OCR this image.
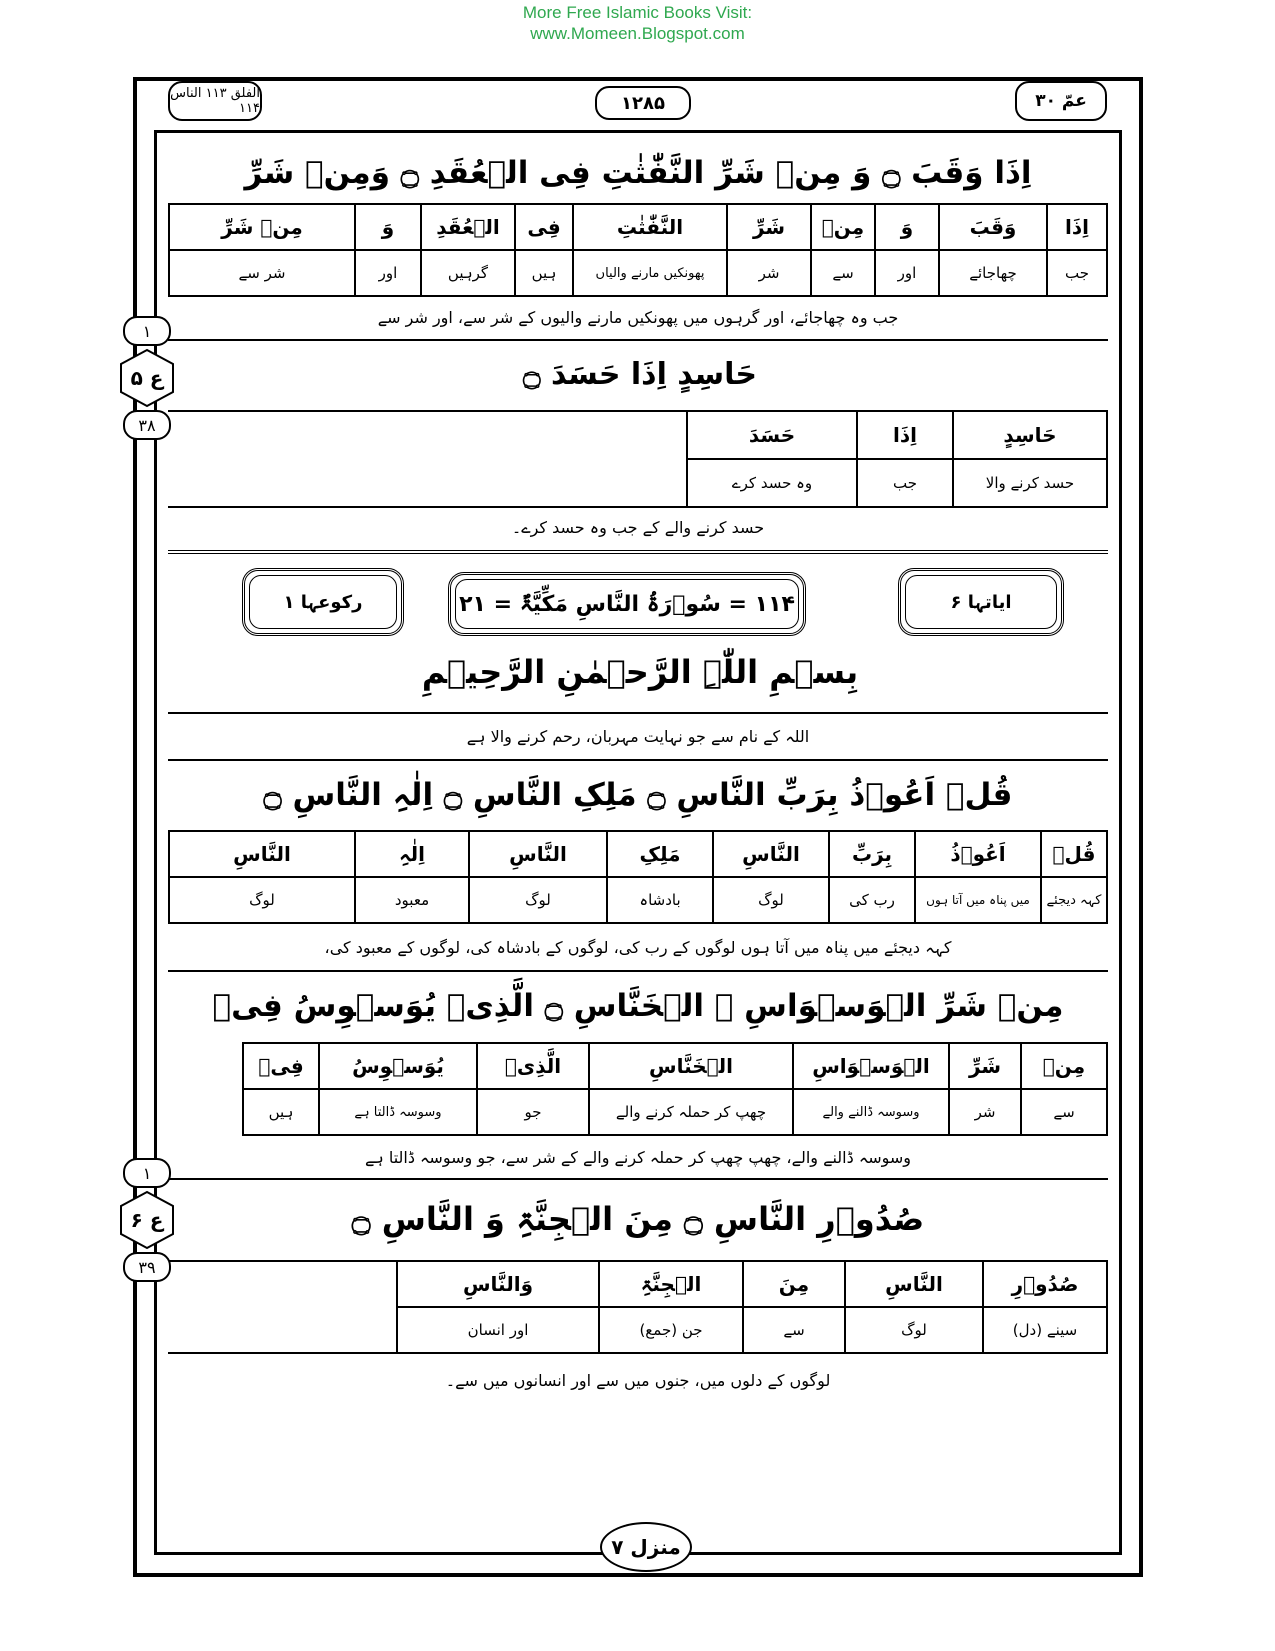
More Free Islamic Books Visit:
www.Momeen.Blogspot.com
الفلق ۱۱۳ الناس ۱۱۴	۱۲۸۵	عمّ ۳۰
اِذَا وَقَبَ ۝ وَ مِنۡ شَرِّ النَّفّٰثٰتِ فِی الۡعُقَدِ ۝ وَمِنۡ شَرِّ
اِذَا	وَقَبَ	وَ	مِنۡ	شَرِّ	النَّفّٰثٰتِ	فِی	الۡعُقَدِ	وَ	مِنۡ شَرِّ
جب	چھاجائے	اور	سے	شر	پھونکیں مارنے والیاں	ہیں	گرہیں	اور	شر سے
جب وہ چھاجائے، اور گرہوں میں پھونکیں مارنے والیوں کے شر سے، اور شر سے
حَاسِدٍ اِذَا حَسَدَ ۝
حَاسِدٍ	اِذَا	حَسَدَ	
حسد کرنے والا	جب	وہ حسد کرے	
حسد کرنے والے کے جب وہ حسد کرے۔
۱
ع ۵
۳۸
ایاتہا ۶
۱۱۴ = سُوۡرَۃُ النَّاسِ مَکِّیَّۃٌ = ۲۱
رکوعہا ۱
بِسۡمِ اللّٰہِ الرَّحۡمٰنِ الرَّحِیۡمِ
اللہ کے نام سے جو نہایت مہربان، رحم کرنے والا ہے
قُلۡ اَعُوۡذُ بِرَبِّ النَّاسِ ۝ مَلِکِ النَّاسِ ۝ اِلٰہِ النَّاسِ ۝
قُلۡ	اَعُوۡذُ	بِرَبِّ	النَّاسِ	مَلِکِ	النَّاسِ	اِلٰہِ	النَّاسِ
کہہ دیجئے	میں پناہ میں آتا ہوں	رب کی	لوگ	بادشاہ	لوگ	معبود	لوگ
کہہ دیجئے میں پناہ میں آتا ہوں لوگوں کے رب کی، لوگوں کے بادشاہ کی، لوگوں کے معبود کی،
مِنۡ شَرِّ الۡوَسۡوَاسِ ۙ الۡخَنَّاسِ ۝ الَّذِیۡ یُوَسۡوِسُ فِیۡ
مِنۡ	شَرِّ	الۡوَسۡوَاسِ	الۡخَنَّاسِ	الَّذِیۡ	یُوَسۡوِسُ	فِیۡ	
سے	شر	وسوسہ ڈالنے والے	چھپ کر حملہ کرنے والے	جو	وسوسہ ڈالتا ہے	ہیں	
وسوسہ ڈالنے والے، چھپ چھپ کر حملہ کرنے والے کے شر سے، جو وسوسہ ڈالتا ہے
صُدُوۡرِ النَّاسِ ۝ مِنَ الۡجِنَّۃِ وَ النَّاسِ ۝
صُدُوۡرِ	النَّاسِ	مِنَ	الۡجِنَّۃِ	وَالنَّاسِ	
سینے (دل)	لوگ	سے	جن (جمع)	اور انسان	
لوگوں کے دلوں میں، جنوں میں سے اور انسانوں میں سے۔
۱
ع ۶
۳۹
منزل ۷
